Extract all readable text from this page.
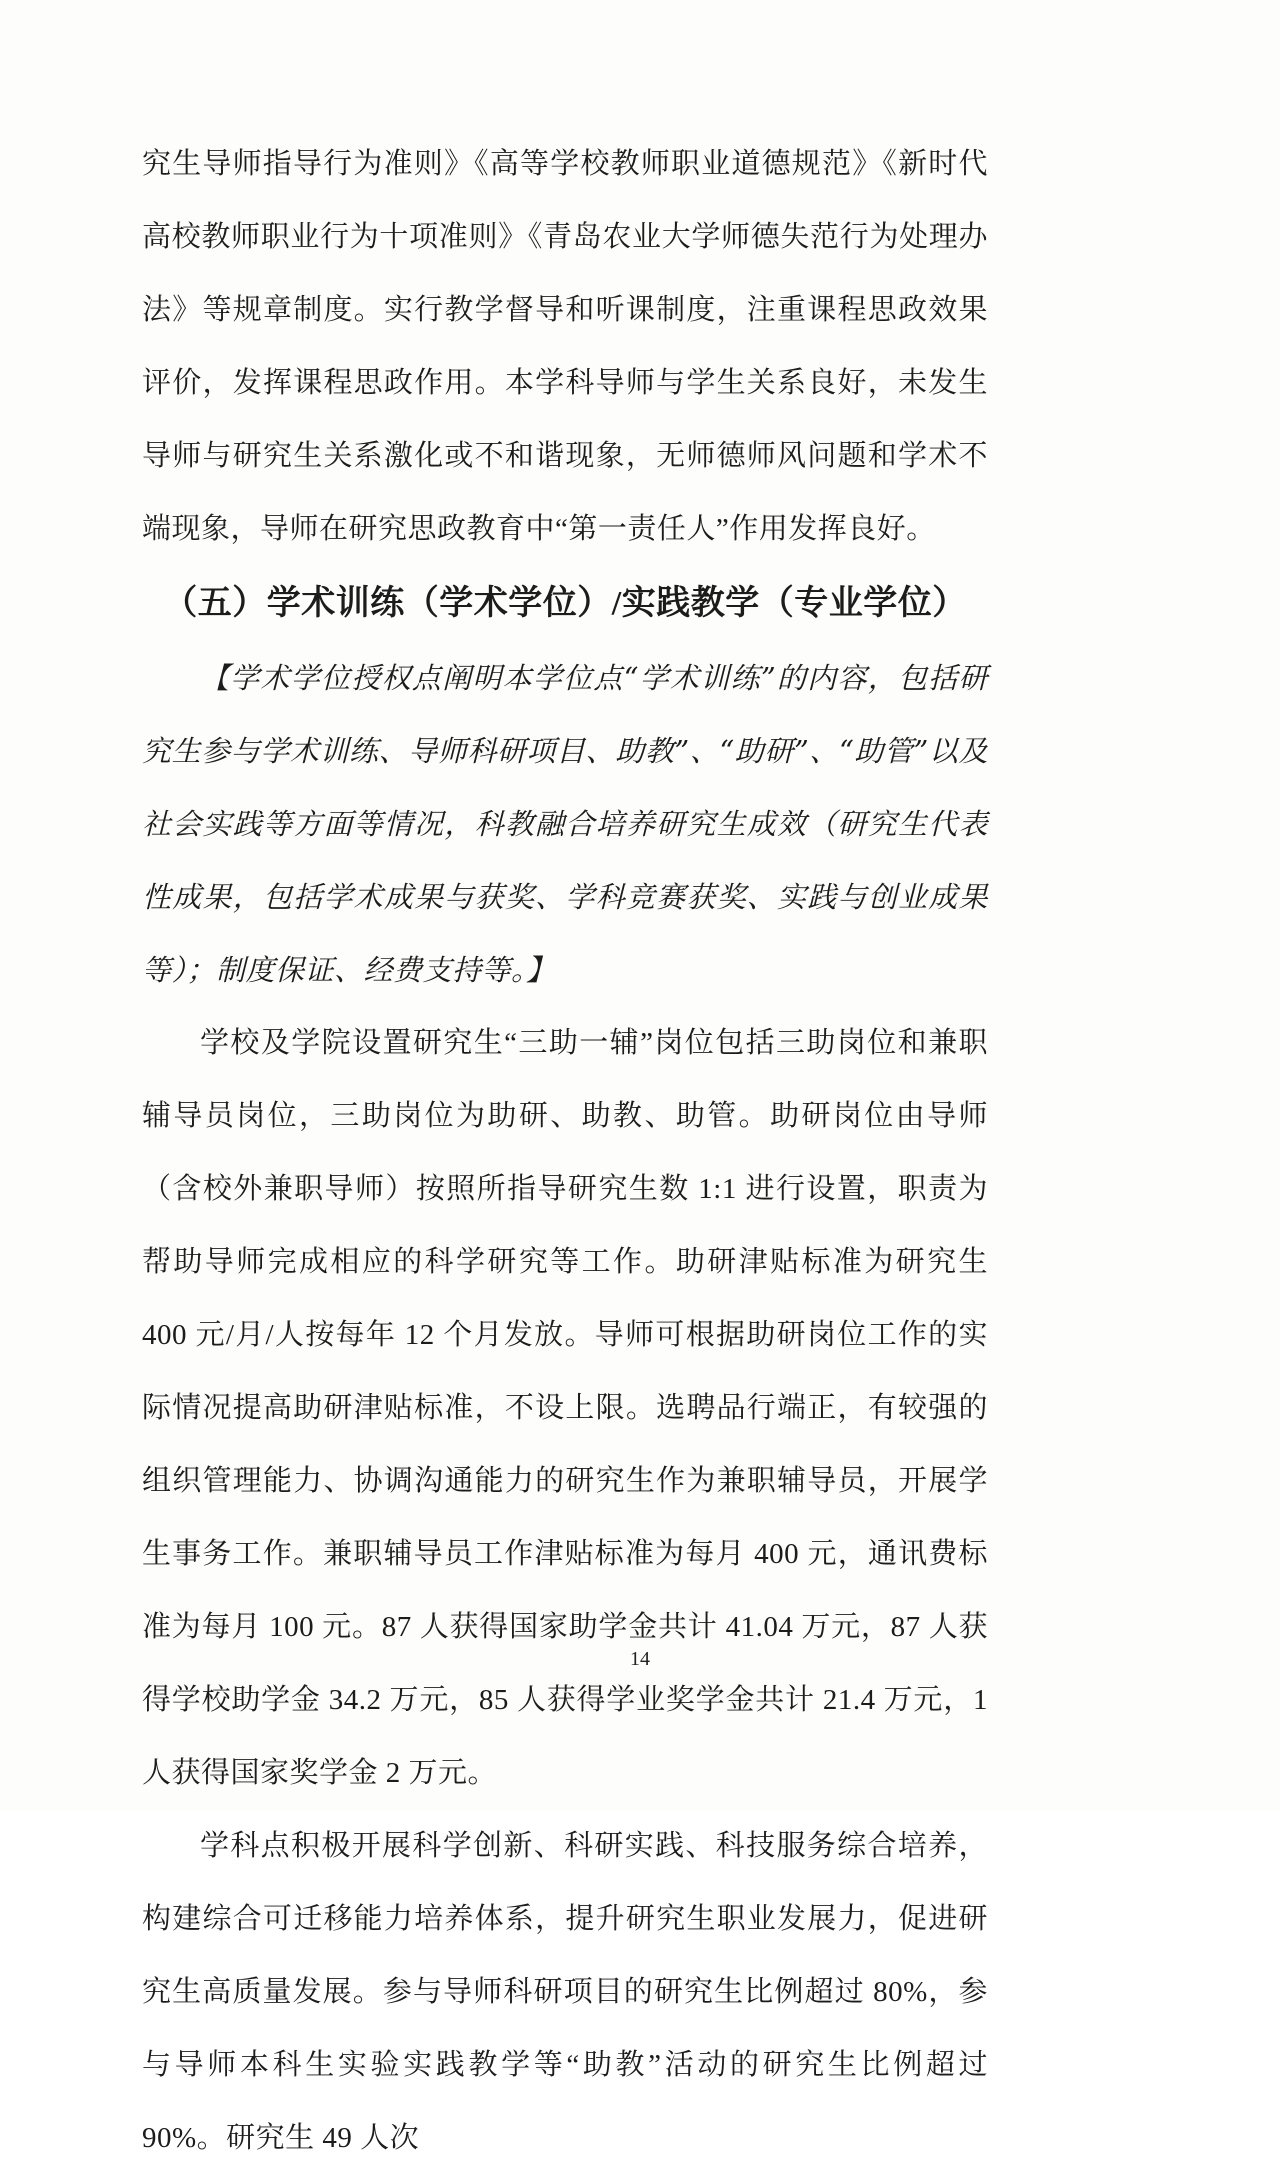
究生导师指导行为准则》《高等学校教师职业道德规范》《新时代高校教师职业行为十项准则》《青岛农业大学师德失范行为处理办法》等规章制度。实行教学督导和听课制度，注重课程思政效果评价，发挥课程思政作用。本学科导师与学生关系良好，未发生导师与研究生关系激化或不和谐现象，无师德师风问题和学术不端现象，导师在研究思政教育中“第一责任人”作用发挥良好。

（五）学术训练（学术学位）/实践教学（专业学位）

【学术学位授权点阐明本学位点“学术训练”的内容，包括研究生参与学术训练、导师科研项目、助教”、“助研”、“助管”以及社会实践等方面等情况，科教融合培养研究生成效（研究生代表性成果，包括学术成果与获奖、学科竞赛获奖、实践与创业成果等）；制度保证、经费支持等。】

学校及学院设置研究生“三助一辅”岗位包括三助岗位和兼职辅导员岗位，三助岗位为助研、助教、助管。助研岗位由导师（含校外兼职导师）按照所指导研究生数 1:1 进行设置，职责为帮助导师完成相应的科学研究等工作。助研津贴标准为研究生 400 元/月/人按每年 12 个月发放。导师可根据助研岗位工作的实际情况提高助研津贴标准，不设上限。选聘品行端正，有较强的组织管理能力、协调沟通能力的研究生作为兼职辅导员，开展学生事务工作。兼职辅导员工作津贴标准为每月 400 元，通讯费标准为每月 100 元。87 人获得国家助学金共计 41.04 万元，87 人获得学校助学金 34.2 万元，85 人获得学业奖学金共计 21.4 万元，1 人获得国家奖学金 2 万元。

学科点积极开展科学创新、科研实践、科技服务综合培养，构建综合可迁移能力培养体系，提升研究生职业发展力，促进研究生高质量发展。参与导师科研项目的研究生比例超过 80%，参与导师本科生实验实践教学等“助教”活动的研究生比例超过 90%。研究生 49 人次

14
